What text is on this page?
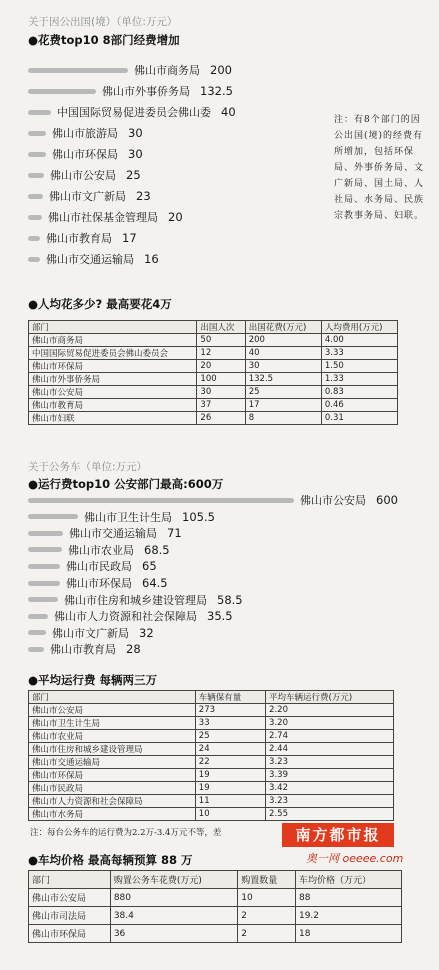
关于因公出国(境）（单位:万元）
●花费top10 8部门经费增加
佛山市商务局 200
佛山市外事侨务局 132.5
中国国际贸易促进委员会佛山委 40
佛山市旅游局 30
佛山市环保局 30
佛山市公安局 25
佛山市文广新局 23
佛山市社保基金管理局 20
佛山市教育局 17
佛山市交通运输局 16
注：有8个部门的因公出国(境)的经费有所增加，包括环保局、外事侨务局、文广新局、国土局、人社局、水务局、民族宗教事务局、妇联。
●人均花多少? 最高要花4万
部门	出国人次	出国花费(万元)	人均费用(万元)
佛山市商务局	50	200	4.00
中国国际贸易促进委员会佛山委员会	12	40	3.33
佛山市环保局	20	30	1.50
佛山市外事侨务局	100	132.5	1.33
佛山市公安局	30	25	0.83
佛山市教育局	37	17	0.46
佛山市妇联	26	8	0.31
关于公务车（单位:万元）
●运行费top10 公安部门最高:600万
佛山市公安局 600
佛山市卫生计生局 105.5
佛山市交通运输局 71
佛山市农业局 68.5
佛山市民政局 65
佛山市环保局 64.5
佛山市住房和城乡建设管理局 58.5
佛山市人力资源和社会保障局 35.5
佛山市文广新局 32
佛山市教育局 28
●平均运行费 每辆两三万
部门	车辆保有量	平均车辆运行费(万元)
佛山市公安局	273	2.20
佛山市卫生计生局	33	3.20
佛山市农业局	25	2.74
佛山市住房和城乡建设管理局	24	2.44
佛山市交通运输局	22	3.23
佛山市环保局	19	3.39
佛山市民政局	19	3.42
佛山市人力资源和社会保障局	11	3.23
佛山市水务局	10	2.55
注：每台公务车的运行费为2.2万-3.4万元不等，差	南方都市报
奥一网 oeeee.com
●车均价格 最高每辆预算 88 万
部门	购置公务车花费(万元)	购置数量	车均价格（万元）
佛山市公安局	880	10	88
佛山市司法局	38.4	2	19.2
佛山市环保局	36	2	18
